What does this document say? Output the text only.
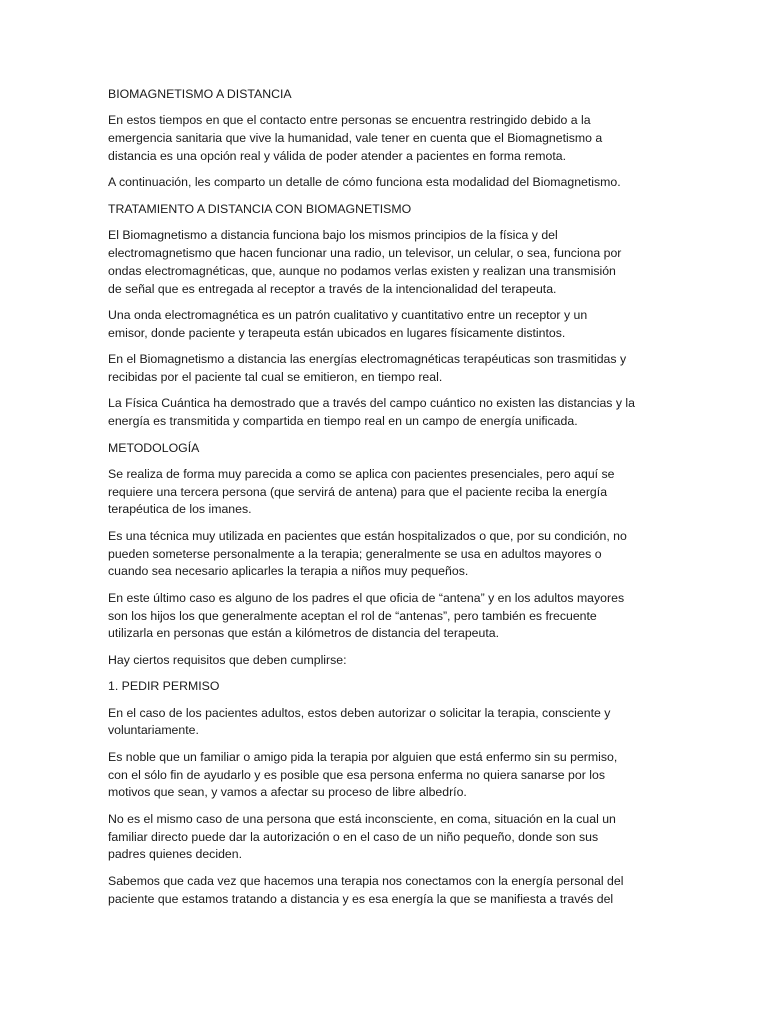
BIOMAGNETISMO A DISTANCIA
En estos tiempos en que el contacto entre personas se encuentra restringido debido a la
emergencia sanitaria que vive la humanidad, vale tener en cuenta que el Biomagnetismo a
distancia es una opción real y válida de poder atender a pacientes en forma remota.
A continuación, les comparto un detalle de cómo funciona esta modalidad del Biomagnetismo.
TRATAMIENTO A DISTANCIA CON BIOMAGNETISMO
El Biomagnetismo a distancia funciona bajo los mismos principios de la física y del
electromagnetismo que hacen funcionar una radio, un televisor, un celular, o sea, funciona por
ondas electromagnéticas, que, aunque no podamos verlas existen y realizan una transmisión
de señal que es entregada al receptor a través de la intencionalidad del terapeuta.
Una onda electromagnética es un patrón cualitativo y cuantitativo entre un receptor y un
emisor, donde paciente y terapeuta están ubicados en lugares físicamente distintos.
En el Biomagnetismo a distancia las energías electromagnéticas terapéuticas son trasmitidas y
recibidas por el paciente tal cual se emitieron, en tiempo real.
La Física Cuántica ha demostrado que a través del campo cuántico no existen las distancias y la
energía es transmitida y compartida en tiempo real en un campo de energía unificada.
METODOLOGÍA
Se realiza de forma muy parecida a como se aplica con pacientes presenciales, pero aquí se
requiere una tercera persona (que servirá de antena) para que el paciente reciba la energía
terapéutica de los imanes.
Es una técnica muy utilizada en pacientes que están hospitalizados o que, por su condición, no
pueden someterse personalmente a la terapia; generalmente se usa en adultos mayores o
cuando sea necesario aplicarles la terapia a niños muy pequeños.
En este último caso es alguno de los padres el que oficia de “antena” y en los adultos mayores
son los hijos los que generalmente aceptan el rol de “antenas”, pero también es frecuente
utilizarla en personas que están a kilómetros de distancia del terapeuta.
Hay ciertos requisitos que deben cumplirse:
1. PEDIR PERMISO
En el caso de los pacientes adultos, estos deben autorizar o solicitar la terapia, consciente y
voluntariamente.
Es noble que un familiar o amigo pida la terapia por alguien que está enfermo sin su permiso,
con el sólo fin de ayudarlo y es posible que esa persona enferma no quiera sanarse por los
motivos que sean, y vamos a afectar su proceso de libre albedrío.
No es el mismo caso de una persona que está inconsciente, en coma, situación en la cual un
familiar directo puede dar la autorización o en el caso de un niño pequeño, donde son sus
padres quienes deciden.
Sabemos que cada vez que hacemos una terapia nos conectamos con la energía personal del
paciente que estamos tratando a distancia y es esa energía la que se manifiesta a través del
